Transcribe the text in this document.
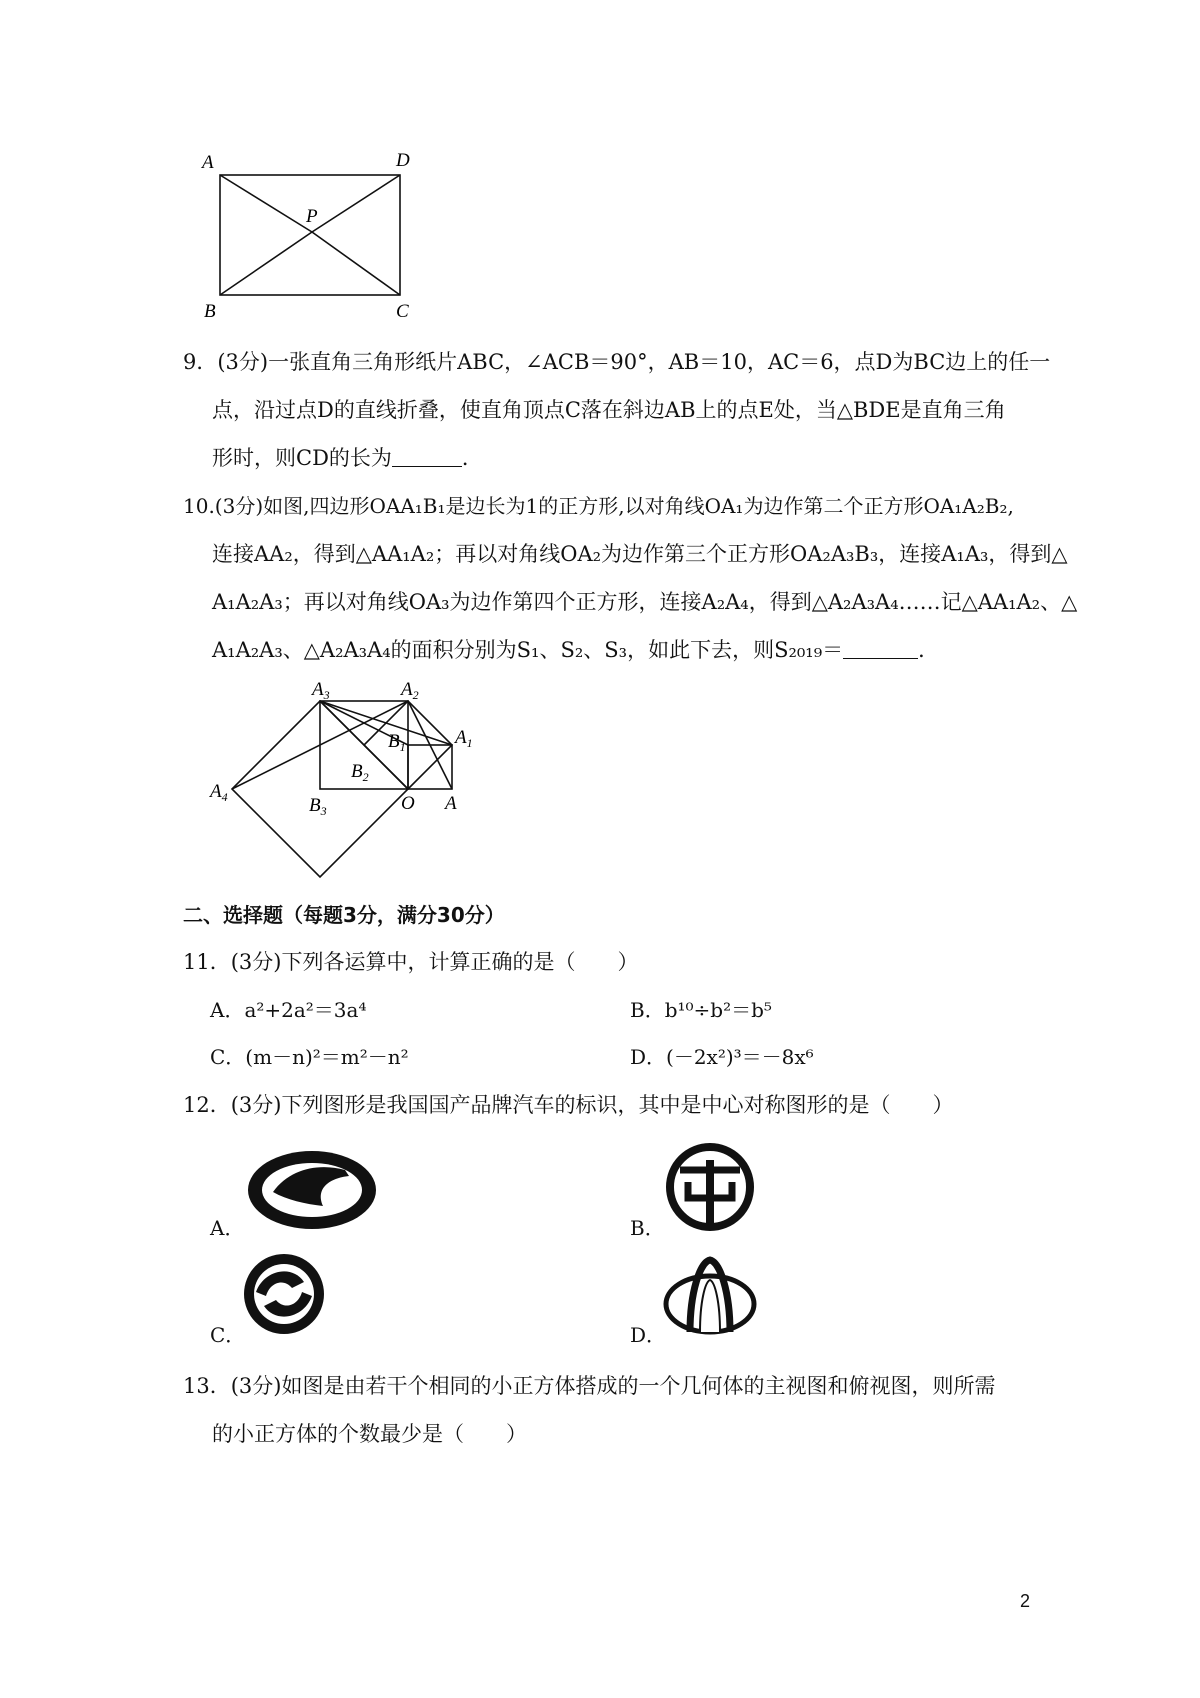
A	D
P
B	C
9．(3分)一张直角三角形纸片ABC，∠ACB＝90°，AB＝10，AC＝6，点D为BC边上的任一
点，沿过点D的直线折叠，使直角顶点C落在斜边AB上的点E处，当△BDE是直角三角
形时，则CD的长为	．
10.(3分)如图,四边形OAA₁B₁是边长为1的正方形,以对角线OA₁为边作第二个正方形OA₁A₂B₂,
连接AA₂，得到△AA₁A₂；再以对角线OA₂为边作第三个正方形OA₂A₃B₃，连接A₁A₃，得到△
A₁A₂A₃；再以对角线OA₃为边作第四个正方形，连接A₂A₄，得到△A₂A₃A₄……记△AA₁A₂、△
A₁A₂A₃、△A₂A₃A₄的面积分别为S₁、S₂、S₃，如此下去，则S₂₀₁₉＝	．
$A_3$	$A_2$
$A_1$
$B_1$
$B_2$
$A_4$	$B_3$	O A
二、选择题（每题3分，满分30分）
11．(3分)下列各运算中，计算正确的是（　　）
A．a²+2a²＝3a⁴	B．b¹⁰÷b²＝b⁵
C．(m－n)²＝m²－n²	D．(－2x²)³＝－8x⁶
12．(3分)下列图形是我国国产品牌汽车的标识，其中是中心对称图形的是（　　）
A．	B．
C．	D．
13．(3分)如图是由若干个相同的小正方体搭成的一个几何体的主视图和俯视图，则所需
的小正方体的个数最少是（　　）
2
